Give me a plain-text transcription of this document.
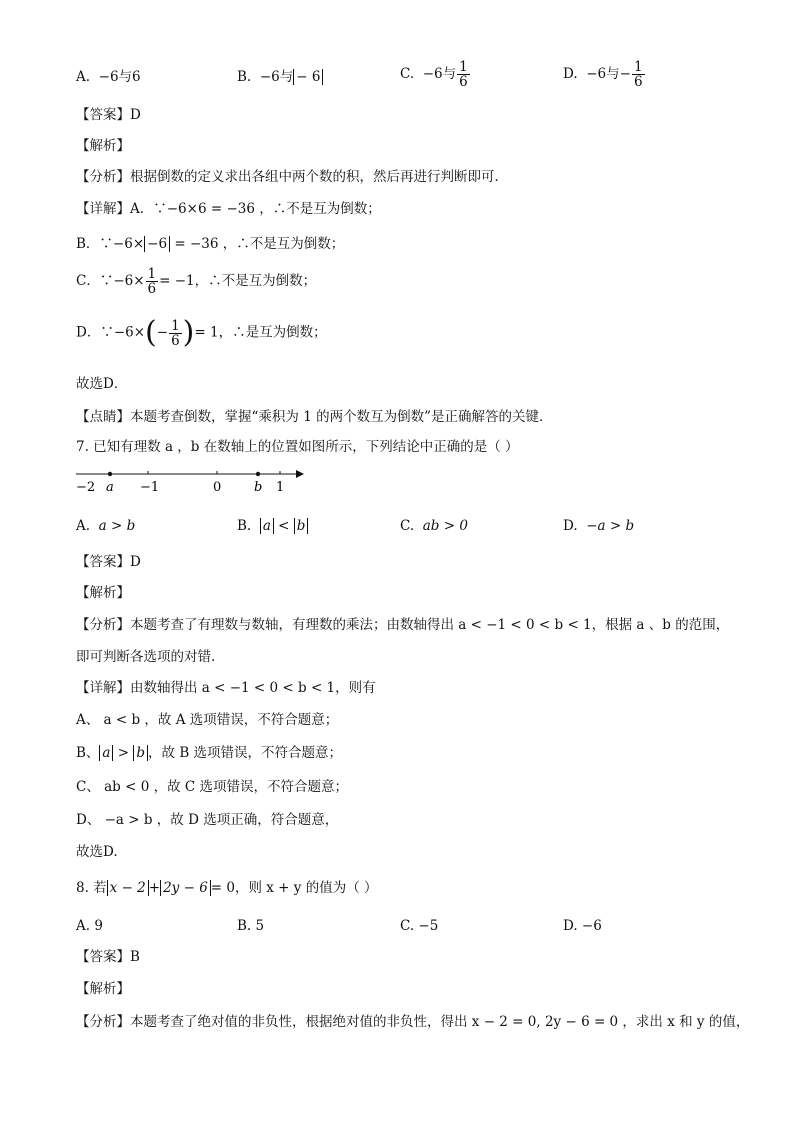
A. −6与6	B. −6与 − 6	C. −6与 $\frac{1}{6}$	D. −6与− $\frac{1}{6}$
【答案】D
【解析】
【分析】根据倒数的定义求出各组中两个数的积，然后再进行判断即可．
【详解】A．∵−6×6 = −36 ，∴不是互为倒数；
B．∵−6× −6 = −36 ，∴不是互为倒数；
C．∵−6× $\frac{1}{6} = -1$，∴不是互为倒数；
D．∵−6×(− $\frac{1}{6}$ )= 1，∴是互为倒数；
故选D．
【点睛】本题考查倒数，掌握“乘积为 1 的两个数互为倒数”是正确解答的关键．
7. 已知有理数 a ，b 在数轴上的位置如图所示，下列结论中正确的是（ ）
−2 a −1	0	b 1
A. a > b	B. a < b	C. ab > 0	D. −a > b
【答案】D
【解析】
【分析】本题考查了有理数与数轴，有理数的乘法；由数轴得出 a < −1 < 0 < b < 1，根据 a 、b 的范围，
即可判断各选项的对错.
【详解】由数轴得出 a < −1 < 0 < b < 1，则有
A、 a < b ，故 A 选项错误，不符合题意；
B、 a > b ，故 B 选项错误，不符合题意；
C、 ab < 0 ，故 C 选项错误，不符合题意；
D、 −a > b ，故 D 选项正确，符合题意，
故选D.
8. 若 x − 2 + 2y − 6 = 0，则 x + y 的值为（ ）
A. 9	B. 5	C. −5	D. −6
【答案】B
【解析】
【分析】本题考查了绝对值的非负性，根据绝对值的非负性，得出 x − 2 = 0, 2y − 6 = 0 ，求出 x 和 y 的值，
